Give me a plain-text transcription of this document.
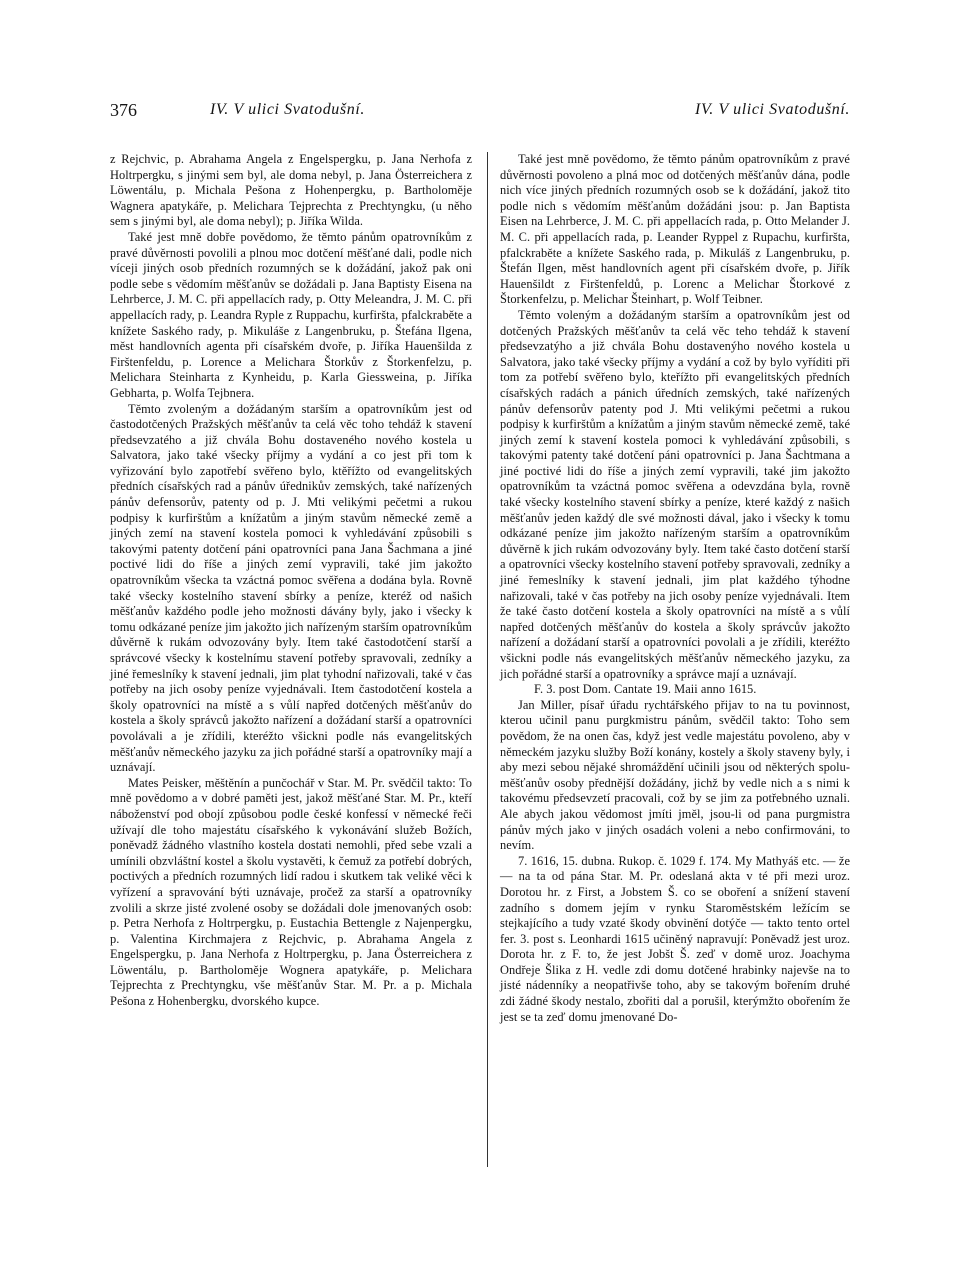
376	IV. V ulici Svatodušní.	IV. V ulici Svatodušní.

z Rejchvic, p. Abrahama Angela z Engelspergku, p. Jana Nerhofa z Holtrpergku, s jinými sem byl, ale doma nebyl, p. Jana Österreichera z Löwentálu, p. Michala Pešona z Hohenpergku, p. Bartholoměje Wagnera apatykáře, p. Melichara Tejprechta z Prechtyngku, (u něho sem s jinými byl, ale doma nebyl); p. Jiříka Wilda.

Také jest mně dobře povědomo, že těmto pánům opatrovníkům z pravé důvěrnosti povolili a plnou moc dotčení měšťané dali, podle nich víceji jiných osob předních rozumných se k dožádání, jakož pak oni podle sebe s vědomím měšťanův se dožádali p. Jana Baptisty Eisena na Lehrberce, J. M. C. při appellacích rady, p. Otty Meleandra, J. M. C. při appellacích rady, p. Leandra Ryple z Ruppachu, kurfiršta, pfalckraběte a knížete Saského rady, p. Mikuláše z Langenbruku, p. Štefána Ilgena, měst handlovních agenta při císařském dvoře, p. Jiříka Hauenšilda z Firštenfeldu, p. Lorence a Melichara Štorkův z Štorkenfelzu, p. Melichara Steinharta z Kynheidu, p. Karla Giessweina, p. Jiříka Gebharta, p. Wolfa Tejbnera.

Těmto zvoleným a dožádaným starším a opatrovníkům jest od častodotčených Pražských měšťanův ta celá věc toho tehdáž k stavení předsevzatého a již chvála Bohu dostaveného nového kostela u Salvatora, jako také všecky příjmy a vydání a co jest při tom k vyřizování bylo zapotřebí svěřeno bylo, ktěřížto od evangelitských předních císařských rad a pánův úřednikův zemských, také nařízených pánův defensorův, patenty od p. J. Mti velikými pečetmi a rukou podpisy k kurfirštům a knížatům a jiným stavům německé země a jiných zemí na stavení kostela pomoci k vyhledávání způsobili s takovými patenty dotčení páni opatrovníci pana Jana Šachmana a jiné poctivé lidi do říše a jiných zemí vypravili, také jim jakožto opatrovníkům všecka ta vzáctná pomoc svěřena a dodána byla. Rovně také všecky kostelního stavení sbírky a peníze, kteréž od našich měšťanův každého podle jeho možnosti dávány byly, jako i všecky k tomu odkázané peníze jim jakožto jich nařízeným starším opatrovníkům důvěrně k rukám odvozovány byly. Item také častodotčení starší a správcové všecky k kostelnímu stavení potřeby spravovali, zedníky a jiné řemeslníky k stavení jednali, jim plat tyhodní nařizovali, také v čas potřeby na jich osoby peníze vyjednávali. Item častodotčení kostela a školy opatrovníci na místě a s vůlí napřed dotčených měšťanův do kostela a školy správců jakožto nařízení a dožádaní starší a opatrovníci povolávali a je zřídili, kteréžto všickni podle nás evangelitských měšťanův německého jazyku za jich pořádné starší a opatrovníky mají a uznávají.

Mates Peisker, měštěnín a punčochář v Star. M. Pr. svědčil takto: To mně povědomo a v dobré paměti jest, jakož měšťané Star. M. Pr., kteří náboženství pod obojí způsobou podle české konfessí v německé řeči užívají dle toho majestátu císařského k vykonávání služeb Božích, poněvadž žádného vlastního kostela dostati nemohli, před sebe vzali a umínili obzvláštní kostel a školu vystavěti, k čemuž za potřebí dobrých, poctivých a předních rozumných lidí radou i skutkem tak veliké věci k vyřízení a spravování býti uznávaje, pročež za starší a opatrovníky zvolili a skrze jisté zvolené osoby se dožádali dole jmenovaných osob: p. Petra Nerhofa z Holtrpergku, p. Eustachia Bettengle z Najenpergku, p. Valentina Kirchmajera z Rejchvic, p. Abrahama Angela z Engelspergku, p. Jana Nerhofa z Holtrpergku, p. Jana Österreichera z Löwentálu, p. Bartholoměje Wognera apatykáře, p. Melichara Tejprechta z Prechtyngku, vše měšťanův Star. M. Pr. a p. Michala Pešona z Hohenbergku, dvorského kupce.

Také jest mně povědomo, že těmto pánům opatrovníkům z pravé důvěrnosti povoleno a plná moc od dotčených měšťanův dána, podle nich více jiných předních rozumných osob se k dožádání, jakož tito podle nich s vědomím měšťanům dožádáni jsou: p. Jan Baptista Eisen na Lehrberce, J. M. C. při appellacích rada, p. Otto Melander J. M. C. při appellacích rada, p. Leander Ryppel z Rupachu, kurfiršta, pfalckraběte a knížete Saského rada, p. Mikuláš z Langenbruku, p. Štefán Ilgen, měst handlovních agent při císařském dvoře, p. Jiřík Hauenšildt z Firštenfeldů, p. Lorenc a Melichar Štorkové z Štorkenfelzu, p. Melichar Šteinhart, p. Wolf Teibner.

Těmto voleným a dožádaným starším a opatrovníkům jest od dotčených Pražských měšťanův ta celá věc teho tehdáž k stavení předsevzatýho a již chvála Bohu dostavenýho nového kostela u Salvatora, jako také všecky příjmy a vydání a což by bylo vyříditi při tom za potřebí svěřeno bylo, kteřížto při evangelitských předních císařských radách a pánich úředních zemských, také nařízených pánův defensorův patenty pod J. Mti velikými pečetmi a rukou podpisy k kurfirštům a knížatům a jiným stavům německé země, také jiných zemí k stavení kostela pomoci k vyhledávání způsobili, s takovými patenty také dotčení páni opatrovníci p. Jana Šachtmana a jiné poctivé lidi do říše a jiných zemí vypravili, také jim jakožto opatrovníkům ta vzáctná pomoc svěřena a odevzdána byla, rovně také všecky kostelního stavení sbírky a peníze, které každý z našich měšťanův jeden každý dle své možnosti dával, jako i všecky k tomu odkázané peníze jim jakožto nařízeným starším a opatrovníkům důvěrně k jich rukám odvozovány byly. Item také často dotčení starší a opatrovníci všecky kostelního stavení potřeby spravovali, zedníky a jiné řemeslníky k stavení jednali, jim plat každého týhodne nařizovali, také v čas potřeby na jich osoby peníze vyjednávali. Item že také často dotčení kostela a školy opatrovníci na místě a s vůlí napřed dotčených měšťanův do kostela a školy správcův jakožto nařízení a dožádaní starší a opatrovníci povolali a je zřídili, kteréžto všickni podle nás evangelitských měšťanův německého jazyku, za jich pořádné starší a opatrovníky a správce mají a uznávají.

F. 3. post Dom. Cantate 19. Maii anno 1615.

Jan Miller, písař úřadu rychtářského přijav to na tu povinnost, kterou učinil panu purgkmistru pánům, svědčil takto: Toho sem povědom, že na onen čas, když jest vedle majestátu povoleno, aby v německém jazyku služby Boží konány, kostely a školy staveny byly, i aby mezi sebou nějaké shromáždění učinili jsou od některých spolu-měšťanův osoby přednější dožádány, jichž by vedle nich a s nimi k takovému předsevzetí pracovali, což by se jim za potřebného uznali. Ale abych jakou vědomost jmíti jměl, jsou-li od pana purgmistra pánův mých jako v jiných osadách voleni a nebo confirmováni, to nevím.

7. 1616, 15. dubna. Rukop. č. 1029 f. 174. My Mathyáš etc. — že — na ta od pána Star. M. Pr. odeslaná akta v té při mezi uroz. Dorotou hr. z First, a Jobstem Š. co se oboření a snížení stavení zadního s domem jejím v rynku Staroměstském ležícím se stejkajícího a tudy vzaté škody obvinění dotýče — takto tento ortel fer. 3. post s. Leonhardi 1615 učiněný napravují: Poněvadž jest uroz. Dorota hr. z F. to, že jest Jobšt Š. zeď v domě uroz. Joachyma Ondřeje Šlika z H. vedle zdi domu dotčené hrabinky najevše na to jisté nádenníky a neopatřivše toho, aby se takovým bořením druhé zdi žádné škody nestalo, zbořiti dal a porušil, kterýmžto obořením že jest se ta zeď domu jmenované Do-
